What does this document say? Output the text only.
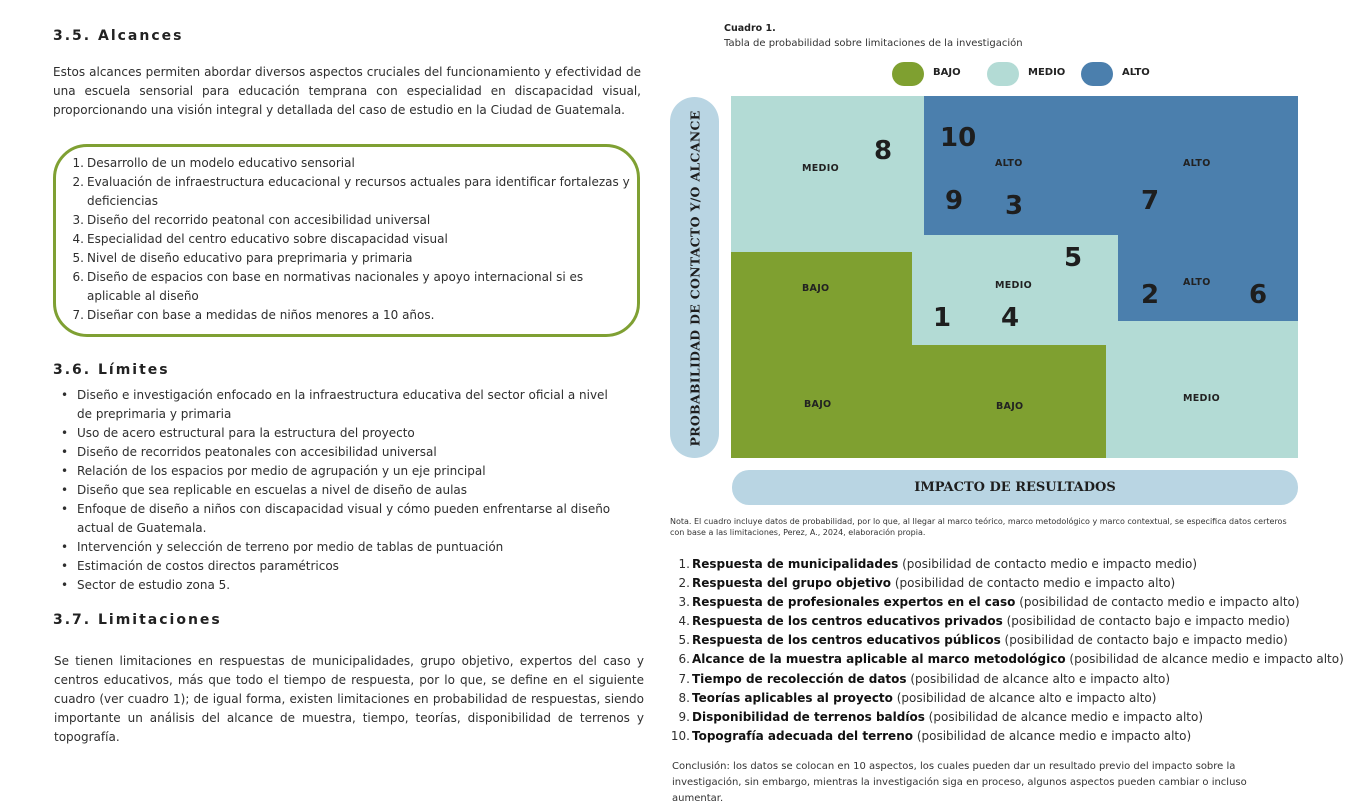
3.5. Alcances

Estos alcances permiten abordar diversos aspectos cruciales del funcionamiento y efectividad de una escuela sensorial para educación temprana con especialidad en discapacidad visual, proporcionando una visión integral y detallada del caso de estudio en la Ciudad de Guatemala.

1. Desarrollo de un modelo educativo sensorial
2. Evaluación de infraestructura educacional y recursos actuales para identificar fortalezas y deficiencias
3. Diseño del recorrido peatonal con accesibilidad universal
4. Especialidad del centro educativo sobre discapacidad visual
5. Nivel de diseño educativo para preprimaria y primaria
6. Diseño de espacios con base en normativas nacionales y apoyo internacional si es aplicable al diseño
7. Diseñar con base a medidas de niños menores a 10 años.
3.6. Límites
• Diseño e investigación enfocado en la infraestructura educativa del sector oficial a nivel de preprimaria y primaria
• Uso de acero estructural para la estructura del proyecto
• Diseño de recorridos peatonales con accesibilidad universal
• Relación de los espacios por medio de agrupación y un eje principal
• Diseño que sea replicable en escuelas a nivel de diseño de aulas
• Enfoque de diseño a niños con discapacidad visual y cómo pueden enfrentarse al diseño actual de Guatemala.
• Intervención y selección de terreno por medio de tablas de puntuación
• Estimación de costos directos paramétricos
• Sector de estudio zona 5.
3.7. Limitaciones

Se tienen limitaciones en respuestas de municipalidades, grupo objetivo, expertos del caso y centros educativos, más que todo el tiempo de respuesta, por lo que, se define en el siguiente cuadro (ver cuadro 1); de igual forma, existen limitaciones en probabilidad de respuestas, siendo importante un análisis del alcance de muestra, tiempo, teorías, disponibilidad de terrenos y topografía.

Cuadro 1.
Tabla de probabilidad sobre limitaciones de la investigación
BAJO	MEDIO	ALTO
PROBABILIDAD DE CONTACTO Y/O ALCANCE	MEDIO	ALTO	ALTO
BAJO	MEDIO	ALTO
BAJO	BAJO
MEDIO
8 10
9 3	7
5
2	6
1 4
IMPACTO DE RESULTADOS

Nota. El cuadro incluye datos de probabilidad, por lo que, al llegar al marco teórico, marco metodológico y marco contextual, se especifica datos certeros con base a las limitaciones, Perez, A., 2024, elaboración propia.

1. Respuesta de municipalidades (posibilidad de contacto medio e impacto medio)
2. Respuesta del grupo objetivo (posibilidad de contacto medio e impacto alto)
3. Respuesta de profesionales expertos en el caso (posibilidad de contacto medio e impacto alto)
4. Respuesta de los centros educativos privados (posibilidad de contacto bajo e impacto medio)
5. Respuesta de los centros educativos públicos (posibilidad de contacto bajo e impacto medio)
6. Alcance de la muestra aplicable al marco metodológico (posibilidad de alcance medio e impacto alto)
7. Tiempo de recolección de datos (posibilidad de alcance alto e impacto alto)
8. Teorías aplicables al proyecto (posibilidad de alcance alto e impacto alto)
9. Disponibilidad de terrenos baldíos (posibilidad de alcance medio e impacto alto)
10. Topografía adecuada del terreno (posibilidad de alcance medio e impacto alto)

Conclusión: los datos se colocan en 10 aspectos, los cuales pueden dar un resultado previo del impacto sobre la investigación, sin embargo, mientras la investigación siga en proceso, algunos aspectos pueden cambiar o incluso aumentar.
